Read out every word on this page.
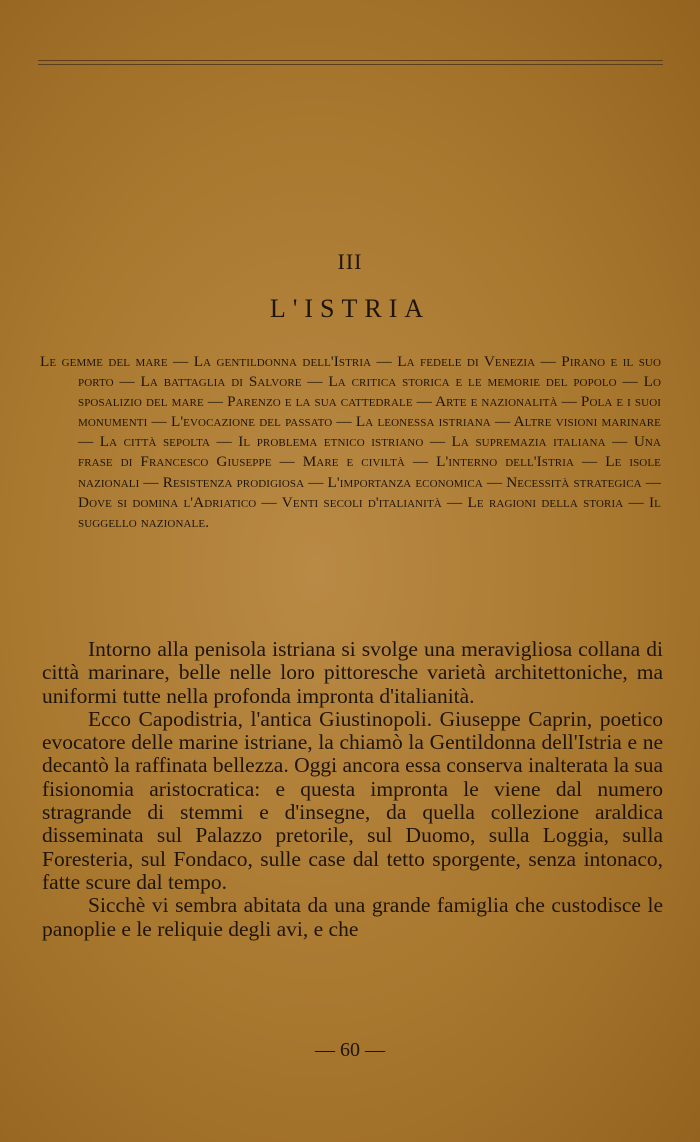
III
L'ISTRIA
Le gemme del mare — La gentildonna dell'Istria — La fedele di Venezia — Pirano e il suo porto — La battaglia di Salvore — La critica storica e le memorie del popolo — Lo sposalizio del mare — Parenzo e la sua cattedrale — Arte e nazionalità — Pola e i suoi monumenti — L'evocazione del passato — La leonessa istriana — Altre visioni marinare — La città sepolta — Il problema etnico istriano — La supremazia italiana — Una frase di Francesco Giuseppe — Mare e civiltà — L'interno dell'Istria — Le isole nazionali — Resistenza prodigiosa — L'importanza economica — Necessità strategica — Dove si domina l'Adriatico — Venti secoli d'italianità — Le ragioni della storia — Il suggello nazionale.

Intorno alla penisola istriana si svolge una meravigliosa collana di città marinare, belle nelle loro pittoresche varietà architettoniche, ma uniformi tutte nella profonda impronta d'italianità.

Ecco Capodistria, l'antica Giustinopoli. Giuseppe Caprin, poetico evocatore delle marine istriane, la chiamò la Gentildonna dell'Istria e ne decantò la raffinata bellezza. Oggi ancora essa conserva inalterata la sua fisionomia aristocratica: e questa impronta le viene dal numero stragrande di stemmi e d'insegne, da quella collezione araldica disseminata sul Palazzo pretorile, sul Duomo, sulla Loggia, sulla Foresteria, sul Fondaco, sulle case dal tetto sporgente, senza intonaco, fatte scure dal tempo.

Sicchè vi sembra abitata da una grande famiglia che custodisce le panoplie e le reliquie degli avi, e che

— 60 —
